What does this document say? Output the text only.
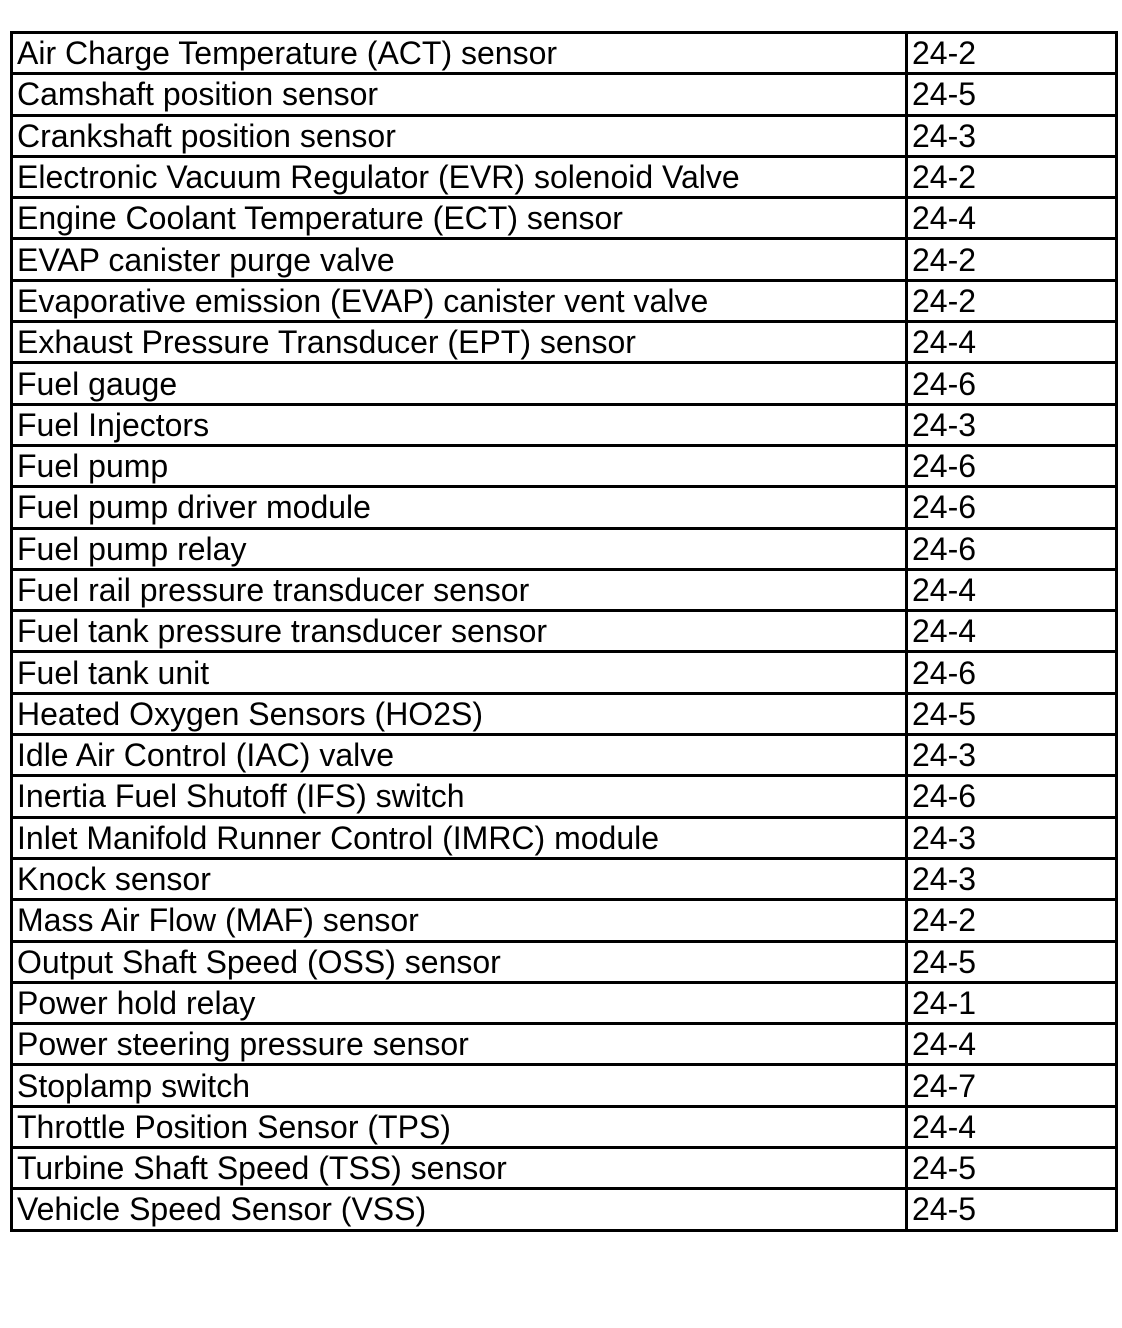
Air Charge Temperature (ACT) sensor	24-2
Camshaft position sensor	24-5
Crankshaft position sensor	24-3
Electronic Vacuum Regulator (EVR) solenoid Valve	24-2
Engine Coolant Temperature (ECT) sensor	24-4
EVAP canister purge valve	24-2
Evaporative emission (EVAP) canister vent valve	24-2
Exhaust Pressure Transducer (EPT) sensor	24-4
Fuel gauge	24-6
Fuel Injectors	24-3
Fuel pump	24-6
Fuel pump driver module	24-6
Fuel pump relay	24-6
Fuel rail pressure transducer sensor	24-4
Fuel tank pressure transducer sensor	24-4
Fuel tank unit	24-6
Heated Oxygen Sensors (HO2S)	24-5
Idle Air Control (IAC) valve	24-3
Inertia Fuel Shutoff (IFS) switch	24-6
Inlet Manifold Runner Control (IMRC) module	24-3
Knock sensor	24-3
Mass Air Flow (MAF) sensor	24-2
Output Shaft Speed (OSS) sensor	24-5
Power hold relay	24-1
Power steering pressure sensor	24-4
Stoplamp switch	24-7
Throttle Position Sensor (TPS)	24-4
Turbine Shaft Speed (TSS) sensor	24-5
Vehicle Speed Sensor (VSS)	24-5
